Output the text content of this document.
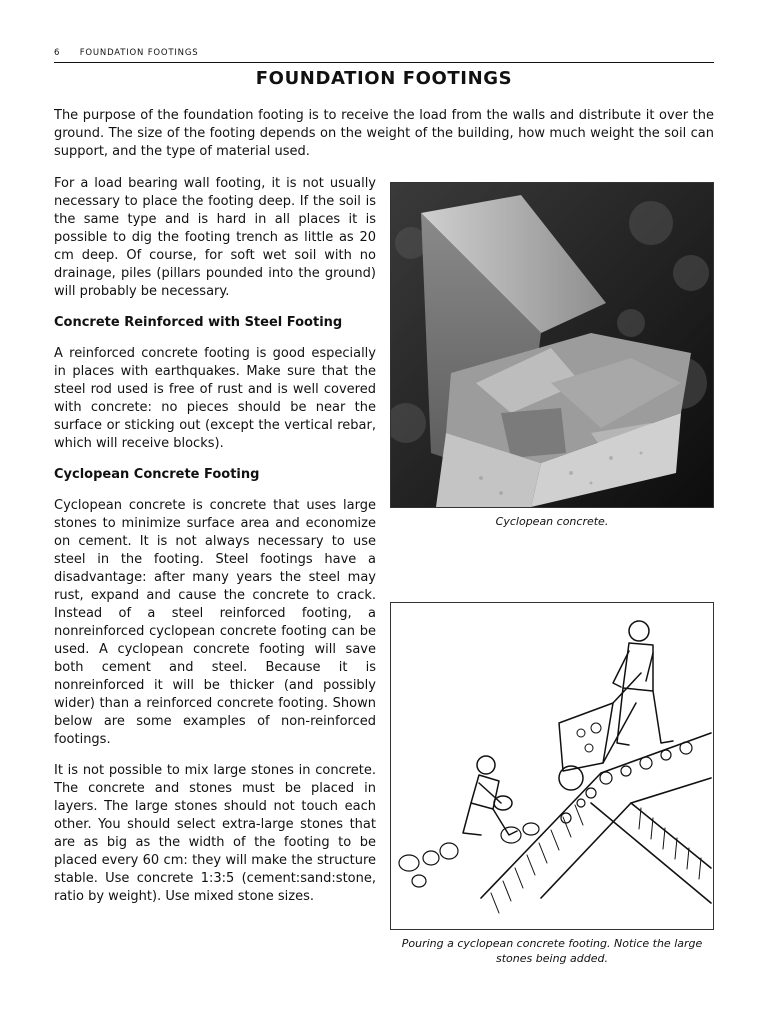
6 FOUNDATION FOOTINGS
FOUNDATION FOOTINGS

The purpose of the foundation footing is to receive the load from the walls and distribute it over the ground. The size of the footing depends on the weight of the building, how much weight the soil can support, and the type of material used.

For a load bearing wall footing, it is not usually necessary to place the footing deep. If the soil is the same type and is hard in all places it is possible to dig the footing trench as little as 20 cm deep. Of course, for soft wet soil with no drainage, piles (pillars pounded into the ground) will probably be necessary.

Concrete Reinforced with Steel Footing

A reinforced concrete footing is good especially in places with earthquakes. Make sure that the steel rod used is free of rust and is well covered with concrete: no pieces should be near the surface or sticking out (except the vertical rebar, which will receive blocks).

Cyclopean Concrete Footing

Cyclopean concrete is concrete that uses large stones to minimize surface area and economize on cement. It is not always necessary to use steel in the footing. Steel footings have a disadvantage: after many years the steel may rust, expand and cause the concrete to crack. Instead of a steel reinforced footing, a nonreinforced cyclopean concrete footing can be used. A cyclopean concrete footing will save both cement and steel. Because it is nonreinforced it will be thicker (and possibly wider) than a reinforced concrete footing. Shown below are some examples of non-reinforced footings.

It is not possible to mix large stones in concrete. The concrete and stones must be placed in layers. The large stones should not touch each other. You should select extra-large stones that are as big as the width of the footing to be placed every 60 cm: they will make the structure stable. Use concrete 1:3:5 (cement:sand:stone, ratio by weight). Use mixed stone sizes.

Cyclopean concrete.
Pouring a cyclopean concrete footing. Notice the large stones being added.
